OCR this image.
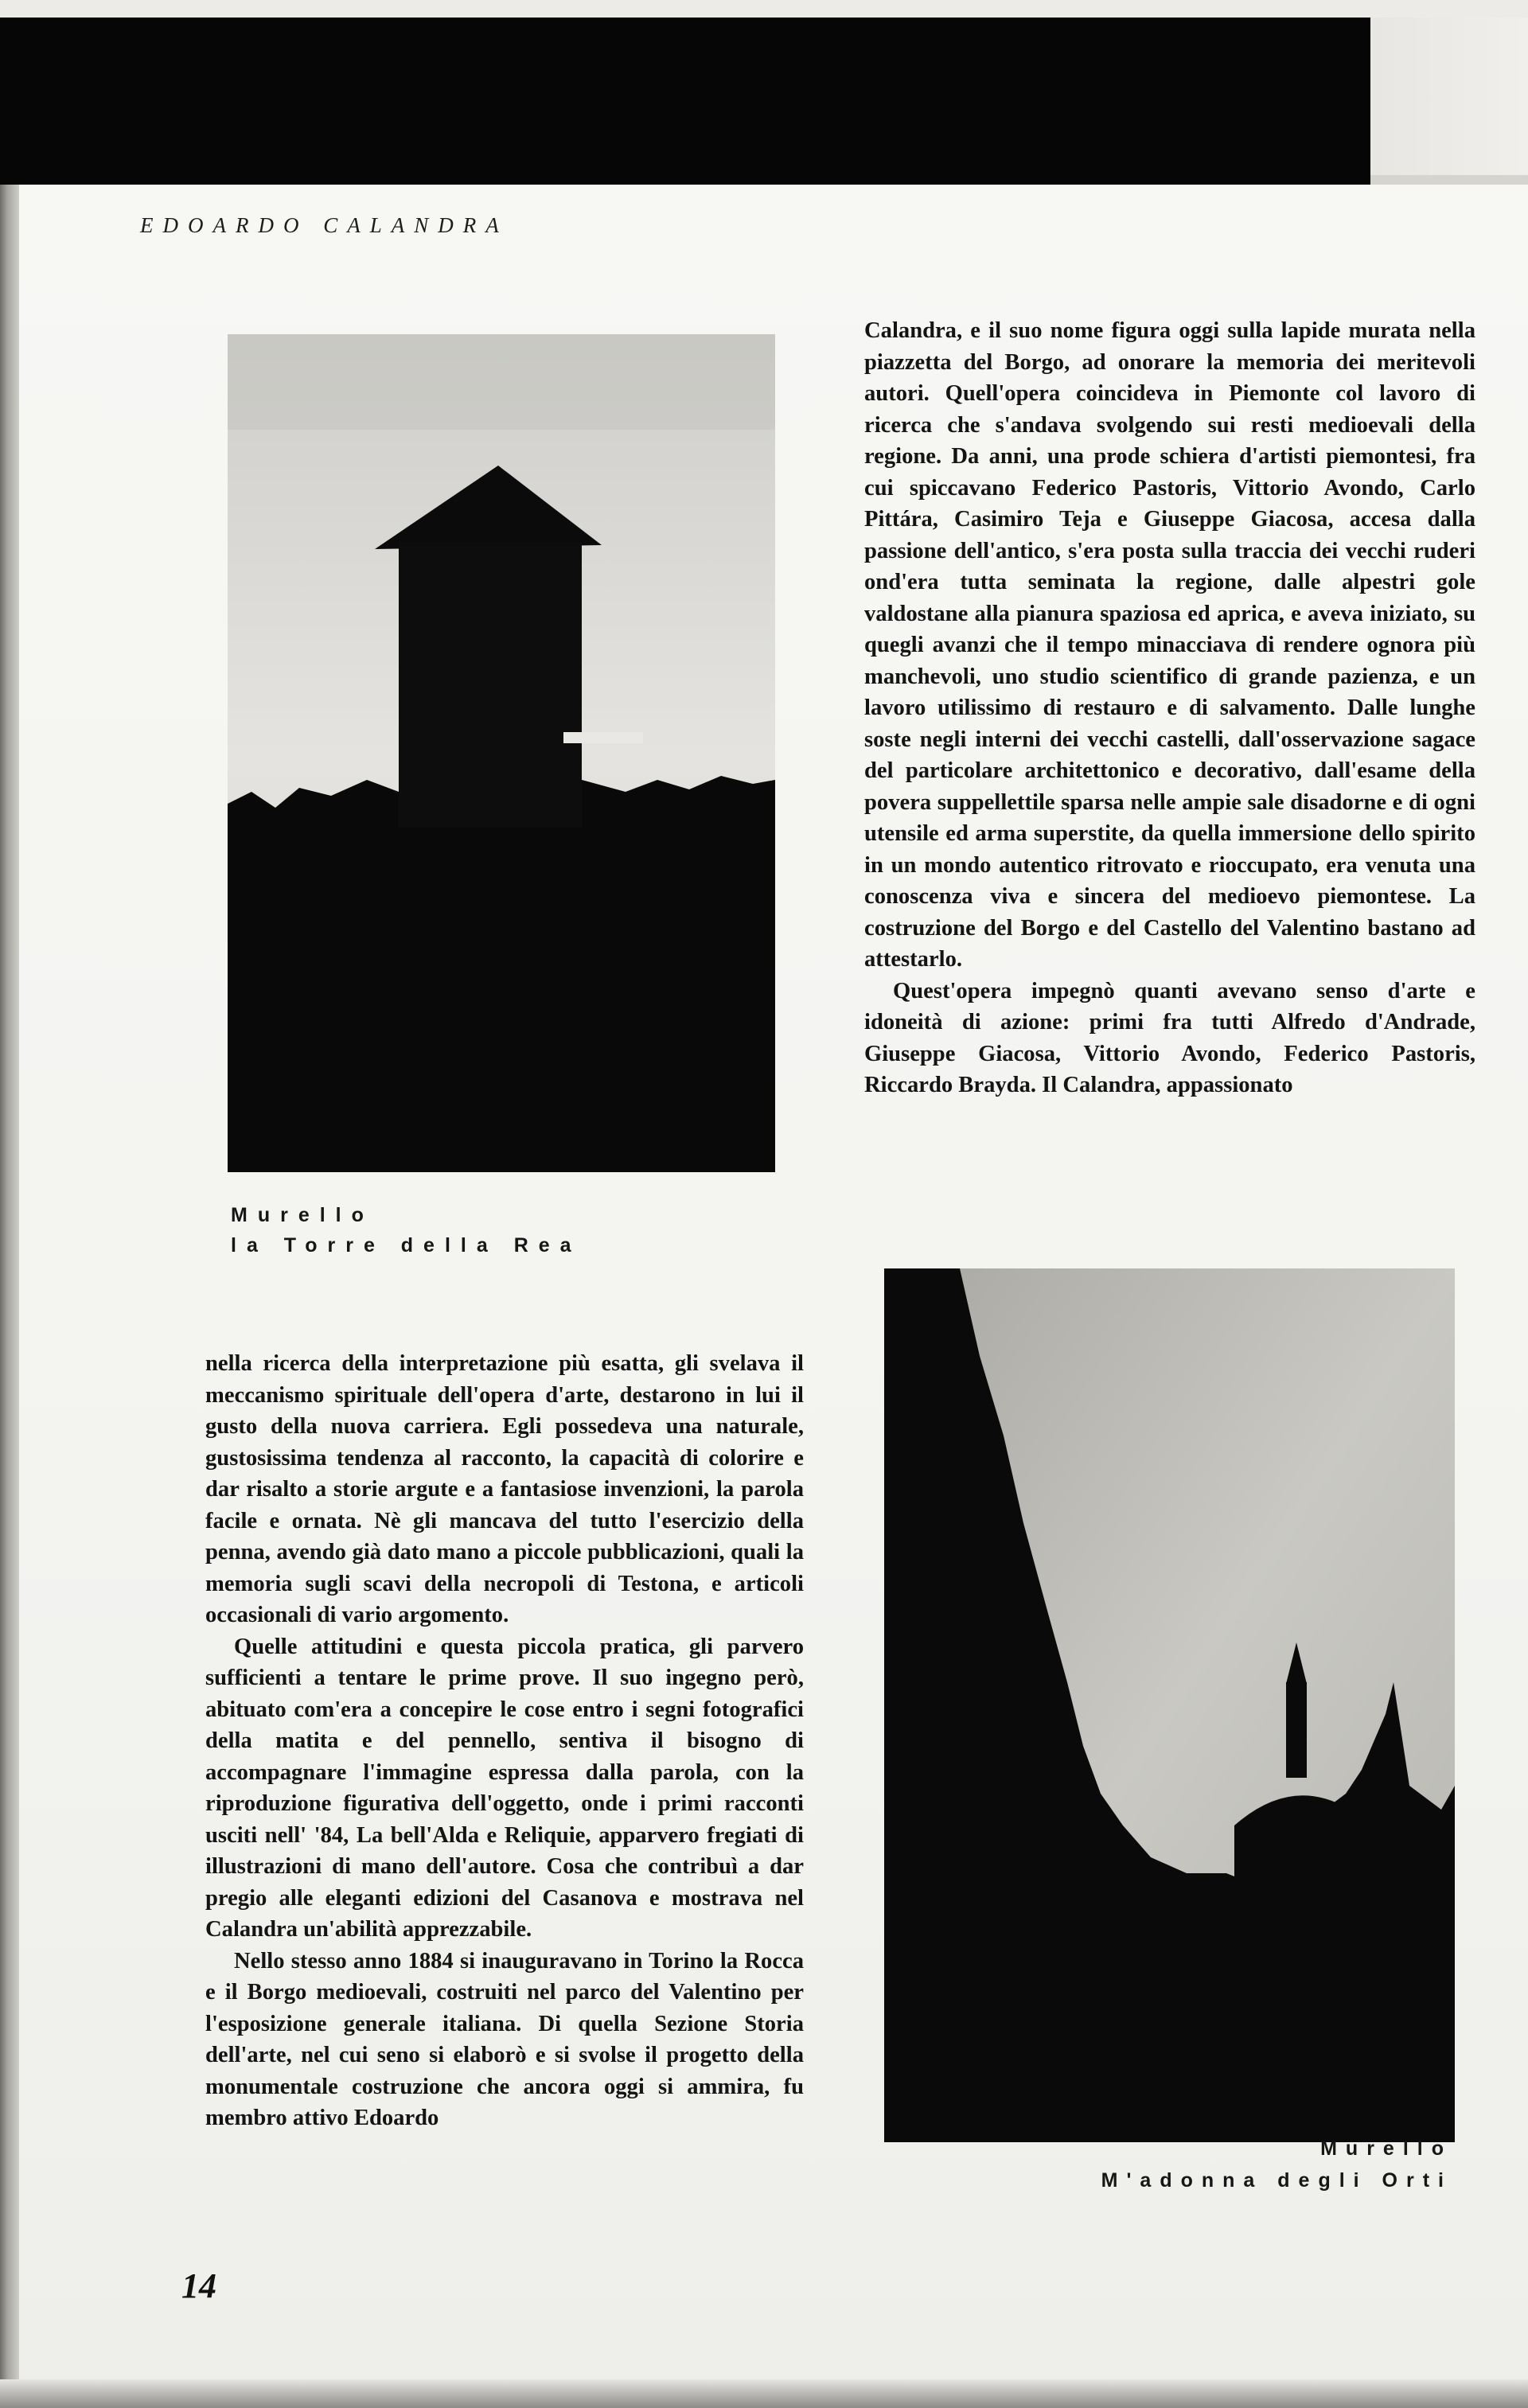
EDOARDO CALANDRA
Murello
la Torre della Rea
Murello
M'adonna degli Orti

Calandra, e il suo nome figura oggi sulla lapide murata nella piazzetta del Borgo, ad onorare la memoria dei meritevoli autori. Quell'opera coincideva in Piemonte col lavoro di ricerca che s'andava svolgendo sui resti medioevali della regione. Da anni, una prode schiera d'artisti piemontesi, fra cui spiccavano Federico Pastoris, Vittorio Avondo, Carlo Pittára, Casimiro Teja e Giuseppe Giacosa, accesa dalla passione dell'antico, s'era posta sulla traccia dei vecchi ruderi ond'era tutta seminata la regione, dalle alpestri gole valdostane alla pianura spaziosa ed aprica, e aveva iniziato, su quegli avanzi che il tempo minacciava di rendere ognora più manchevoli, uno studio scientifico di grande pazienza, e un lavoro utilissimo di restauro e di salvamento. Dalle lunghe soste negli interni dei vecchi castelli, dall'osservazione sagace del particolare architettonico e decorativo, dall'esame della povera suppellettile sparsa nelle ampie sale disadorne e di ogni utensile ed arma superstite, da quella immersione dello spirito in un mondo autentico ritrovato e rioccupato, era venuta una conoscenza viva e sincera del medioevo piemontese. La costruzione del Borgo e del Castello del Valentino bastano ad attestarlo.

Quest'opera impegnò quanti avevano senso d'arte e idoneità di azione: primi fra tutti Alfredo d'Andrade, Giuseppe Giacosa, Vittorio Avondo, Federico Pastoris, Riccardo Brayda. Il Calandra, appassionato

nella ricerca della interpretazione più esatta, gli svelava il meccanismo spirituale dell'opera d'arte, destarono in lui il gusto della nuova carriera. Egli possedeva una naturale, gustosissima tendenza al racconto, la capacità di colorire e dar risalto a storie argute e a fantasiose invenzioni, la parola facile e ornata. Nè gli mancava del tutto l'esercizio della penna, avendo già dato mano a piccole pubblicazioni, quali la memoria sugli scavi della necropoli di Testona, e articoli occasionali di vario argomento.

Quelle attitudini e questa piccola pratica, gli parvero sufficienti a tentare le prime prove. Il suo ingegno però, abituato com'era a concepire le cose entro i segni fotografici della matita e del pennello, sentiva il bisogno di accompagnare l'immagine espressa dalla parola, con la riproduzione figurativa dell'oggetto, onde i primi racconti usciti nell' '84, La bell'Alda e Reliquie, apparvero fregiati di illustrazioni di mano dell'autore. Cosa che contribuì a dar pregio alle eleganti edizioni del Casanova e mostrava nel Calandra un'abilità apprezzabile.

Nello stesso anno 1884 si inauguravano in Torino la Rocca e il Borgo medioevali, costruiti nel parco del Valentino per l'esposizione generale italiana. Di quella Sezione Storia dell'arte, nel cui seno si elaborò e si svolse il progetto della monumentale costruzione che ancora oggi si ammira, fu membro attivo Edoardo

14
